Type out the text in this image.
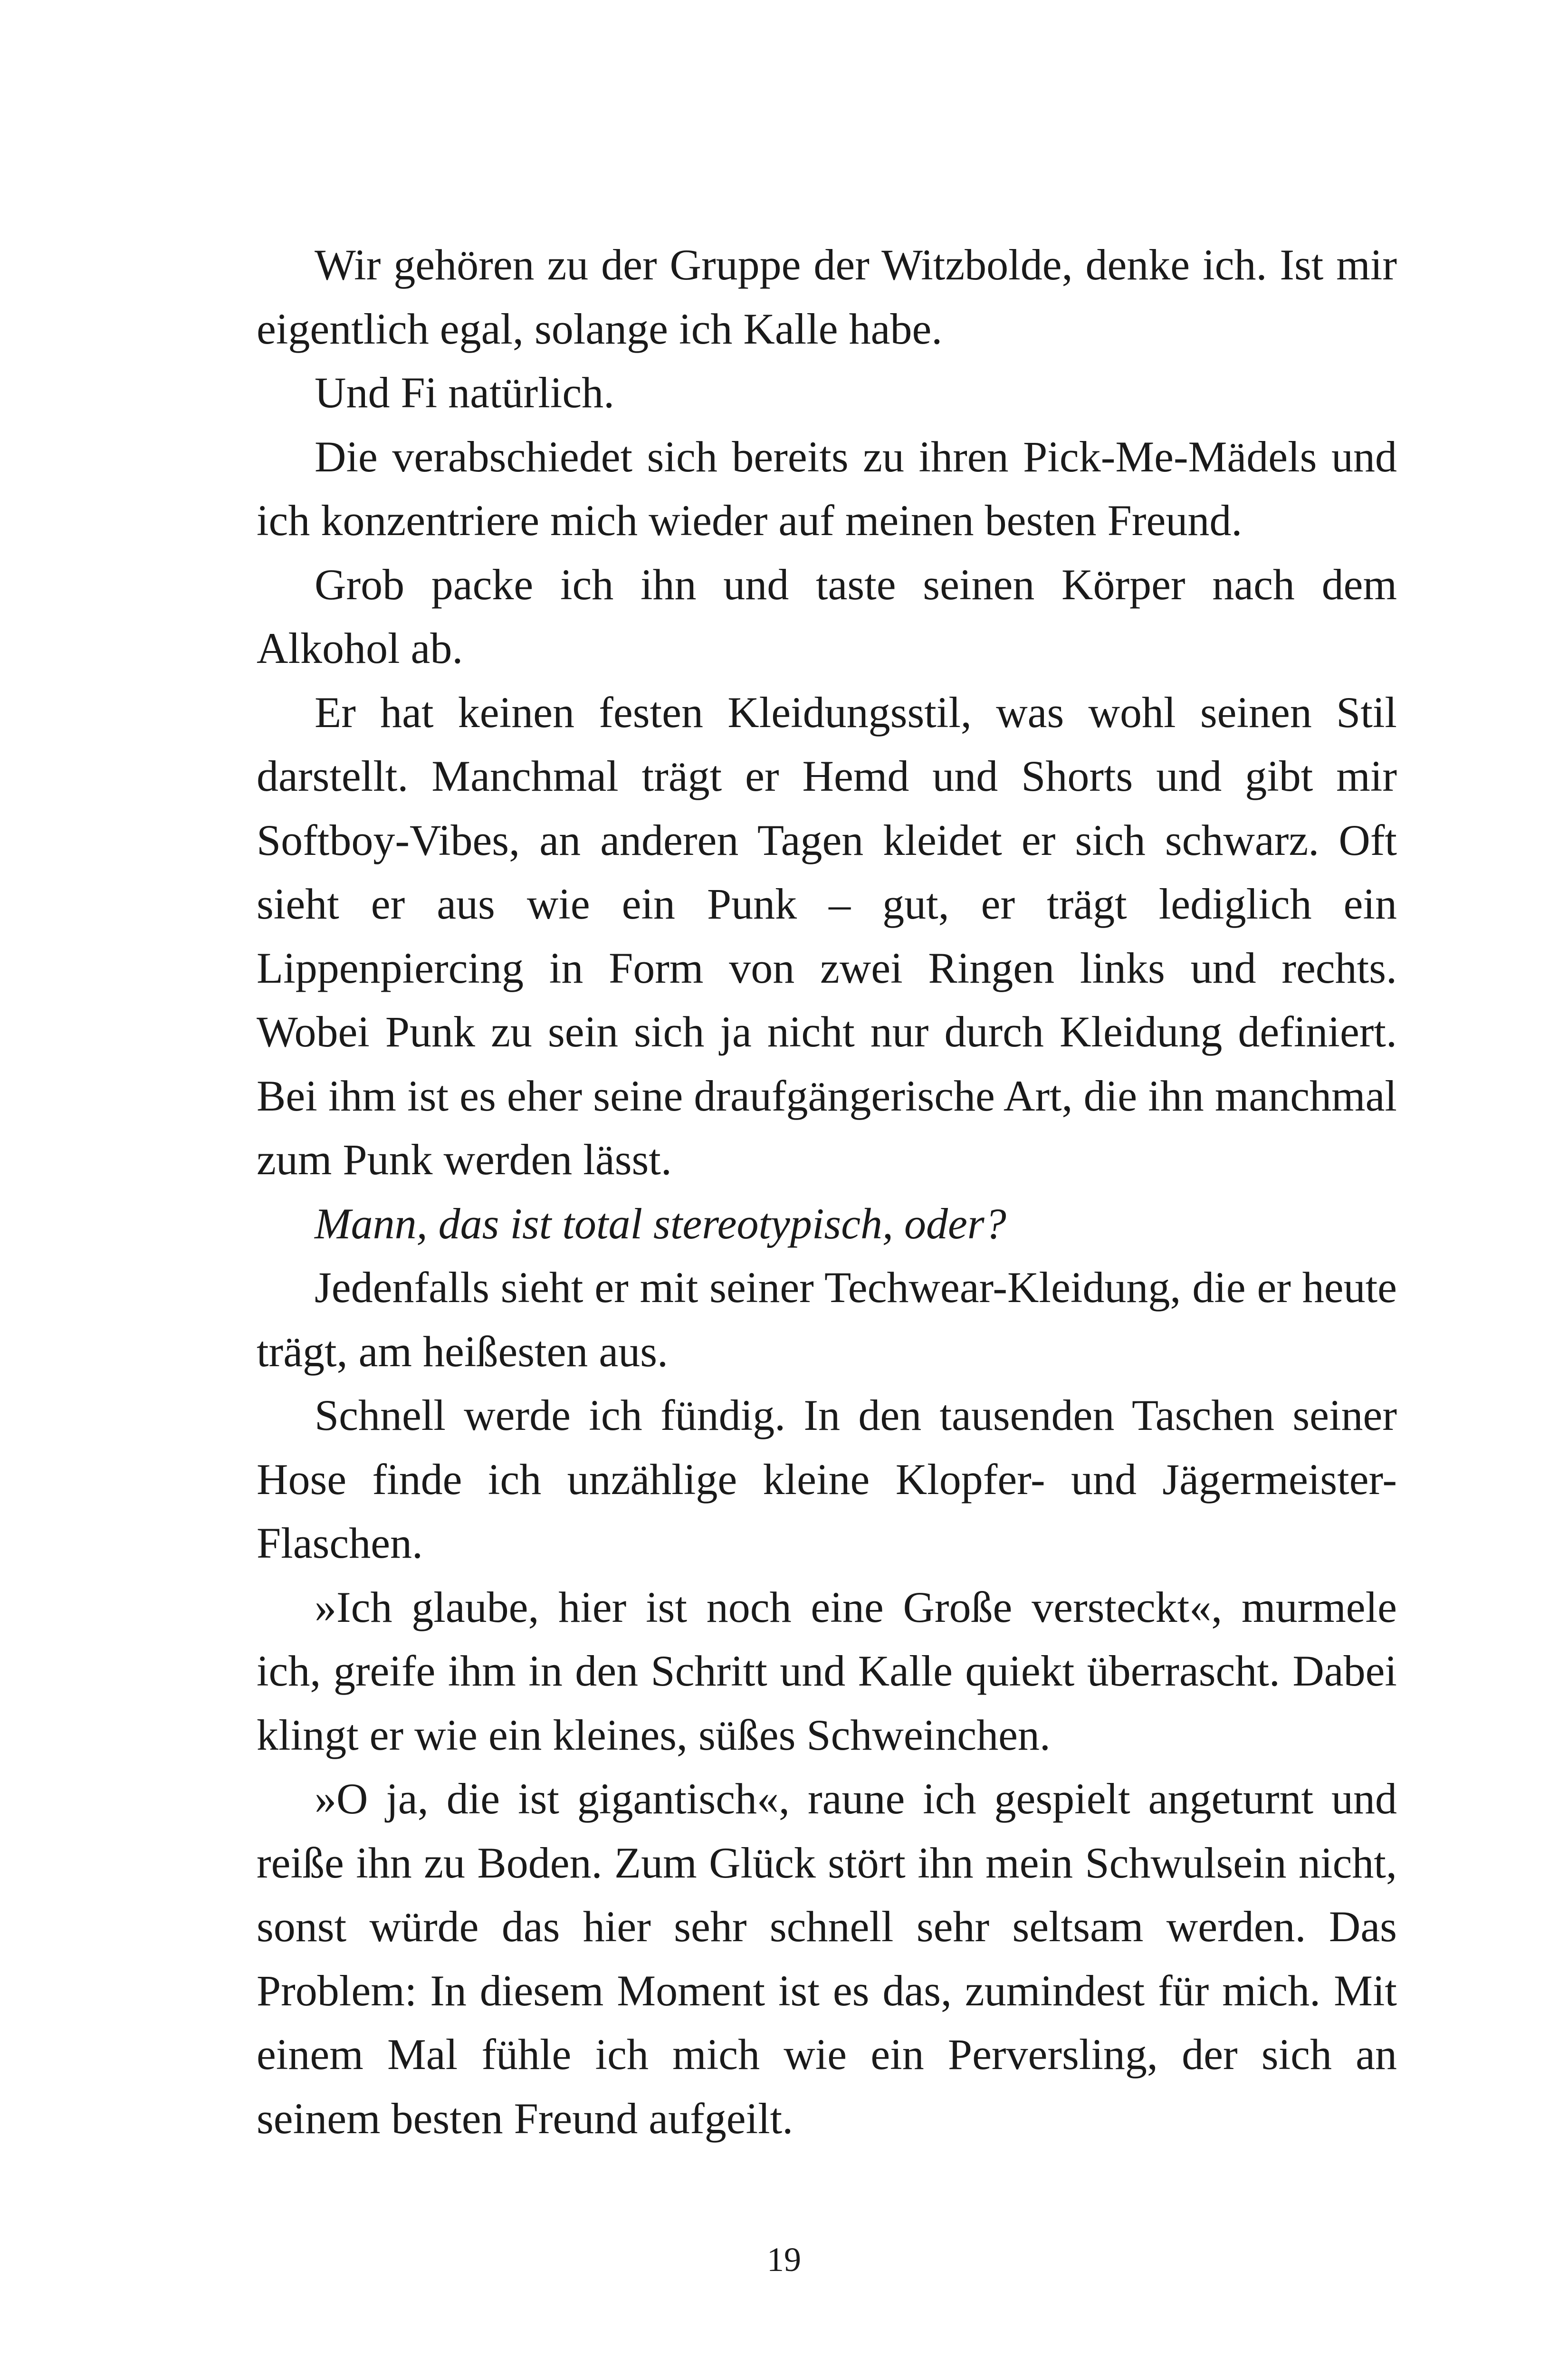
Wir gehören zu der Gruppe der Witzbolde, denke ich. Ist mir eigentlich egal, solange ich Kalle habe.

Und Fi natürlich.

Die verabschiedet sich bereits zu ihren Pick-Me-Mädels und ich konzentriere mich wieder auf meinen besten Freund.

Grob packe ich ihn und taste seinen Körper nach dem Alkohol ab.

Er hat keinen festen Kleidungsstil, was wohl seinen Stil darstellt. Manchmal trägt er Hemd und Shorts und gibt mir Softboy-Vibes, an anderen Tagen kleidet er sich schwarz. Oft sieht er aus wie ein Punk – gut, er trägt lediglich ein Lippenpiercing in Form von zwei Ringen links und rechts. Wobei Punk zu sein sich ja nicht nur durch Kleidung definiert. Bei ihm ist es eher seine draufgängerische Art, die ihn manchmal zum Punk werden lässt.

Mann, das ist total stereotypisch, oder?

Jedenfalls sieht er mit seiner Techwear-Kleidung, die er heute trägt, am heißesten aus.

Schnell werde ich fündig. In den tausenden Taschen seiner Hose finde ich unzählige kleine Klopfer- und Jägermeister-Flaschen.

»Ich glaube, hier ist noch eine Große versteckt«, murmele ich, greife ihm in den Schritt und Kalle quiekt überrascht. Dabei klingt er wie ein kleines, süßes Schweinchen.

»O ja, die ist gigantisch«, raune ich gespielt angeturnt und reiße ihn zu Boden. Zum Glück stört ihn mein Schwulsein nicht, sonst würde das hier sehr schnell sehr seltsam werden. Das Problem: In diesem Moment ist es das, zumindest für mich. Mit einem Mal fühle ich mich wie ein Perversling, der sich an seinem besten Freund aufgeilt.

19
